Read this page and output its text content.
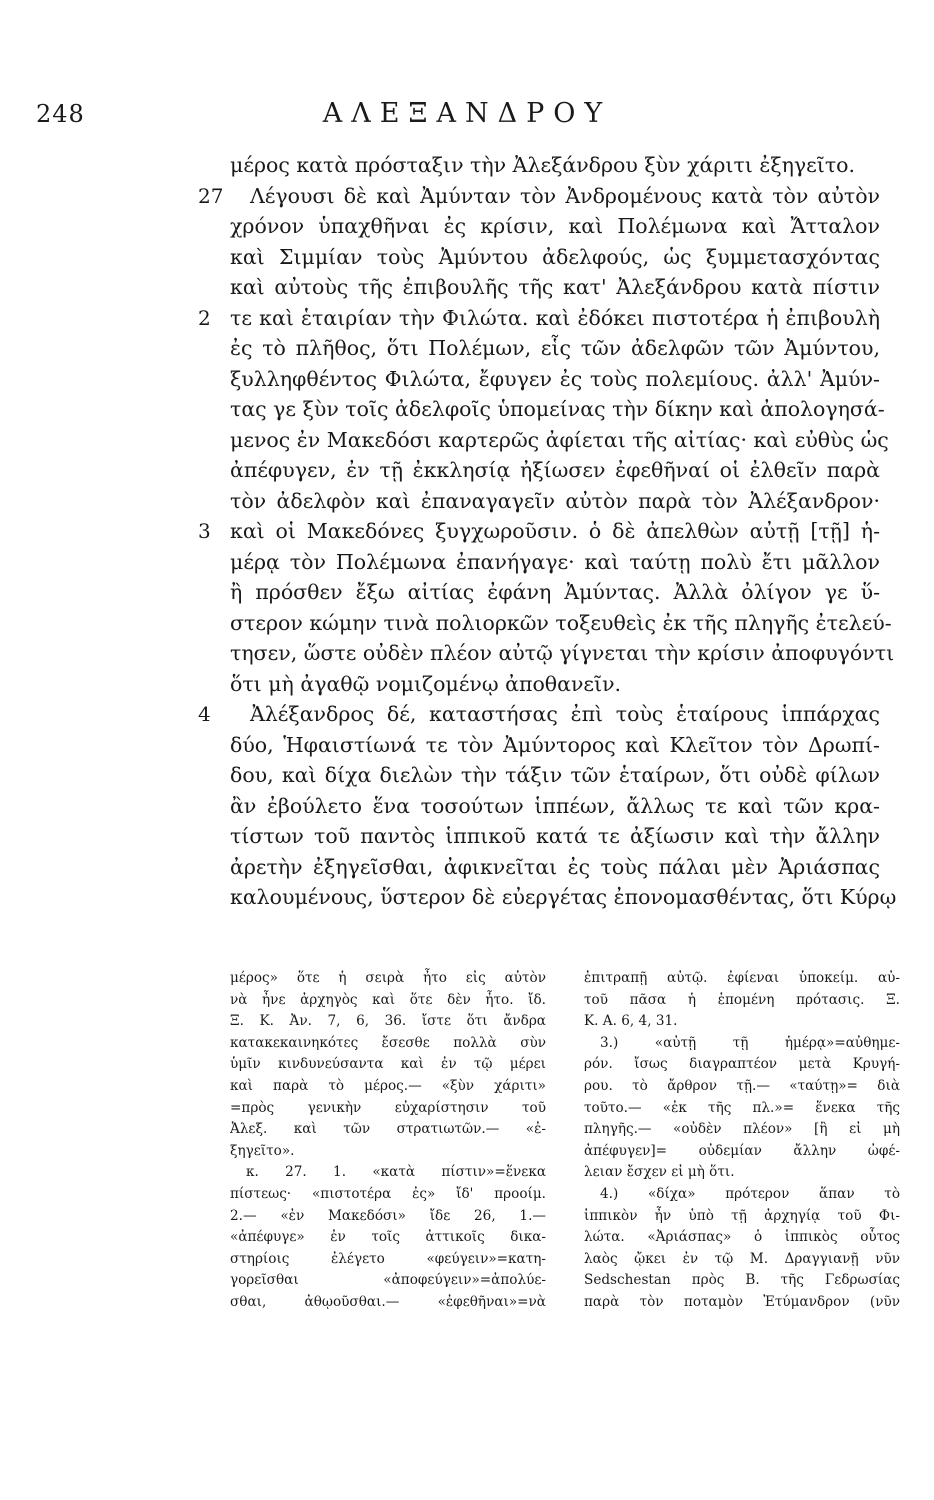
248	ΑΛΕΞΑΝΔΡΟΥ
μέρος κατὰ πρόσταξιν τὴν Ἀλεξάνδρου ξὺν χάριτι ἐξηγεῖτο.
27 Λέγουσι δὲ καὶ Ἀμύνταν τὸν Ἀνδρομένους κατὰ τὸν αὐτὸν
χρόνον ὑπαχθῆναι ἐς κρίσιν, καὶ Πολέμωνα καὶ Ἄτταλον
καὶ Σιμμίαν τοὺς Ἀμύντου ἀδελφούς, ὡς ξυμμετασχόντας
καὶ αὐτοὺς τῆς ἐπιβουλῆς τῆς κατ' Ἀλεξάνδρου κατὰ πίστιν
2 τε καὶ ἑταιρίαν τὴν Φιλώτα. καὶ ἐδόκει πιστοτέρα ἡ ἐπιβουλὴ
ἐς τὸ πλῆθος, ὅτι Πολέμων, εἷς τῶν ἀδελφῶν τῶν Ἀμύντου,
ξυλληφθέντος Φιλώτα, ἔφυγεν ἐς τοὺς πολεμίους. ἀλλ' Ἀμύν-
τας γε ξὺν τοῖς ἀδελφοῖς ὑπομείνας τὴν δίκην καὶ ἀπολογησά-
μενος ἐν Μακεδόσι καρτερῶς ἀφίεται τῆς αἰτίας· καὶ εὐθὺς ὡς
ἀπέφυγεν, ἐν τῇ ἐκκλησίᾳ ἠξίωσεν ἐφεθῆναί οἱ ἐλθεῖν παρὰ
τὸν ἀδελφὸν καὶ ἐπαναγαγεῖν αὐτὸν παρὰ τὸν Ἀλέξανδρον·
3 καὶ οἱ Μακεδόνες ξυγχωροῦσιν. ὁ δὲ ἀπελθὼν αὐτῇ [τῇ] ἡ-
μέρᾳ τὸν Πολέμωνα ἐπανήγαγε· καὶ ταύτῃ πολὺ ἔτι μᾶλλον
ἢ πρόσθεν ἔξω αἰτίας ἐφάνη Ἀμύντας. Ἀλλὰ ὀλίγον γε ὕ-
στερον κώμην τινὰ πολιορκῶν τοξευθεὶς ἐκ τῆς πληγῆς ἐτελεύ-
τησεν, ὥστε οὐδὲν πλέον αὐτῷ γίγνεται τὴν κρίσιν ἀποφυγόντι
ὅτι μὴ ἀγαθῷ νομιζομένῳ ἀποθανεῖν.
4 Ἀλέξανδρος δέ, καταστήσας ἐπὶ τοὺς ἑταίρους ἱππάρχας
δύο, Ἡφαιστίωνά τε τὸν Ἀμύντορος καὶ Κλεῖτον τὸν Δρωπί-
δου, καὶ δίχα διελὼν τὴν τάξιν τῶν ἑταίρων, ὅτι οὐδὲ φίλων
ἂν ἐβούλετο ἕνα τοσούτων ἱππέων, ἄλλως τε καὶ τῶν κρα-
τίστων τοῦ παντὸς ἱππικοῦ κατά τε ἀξίωσιν καὶ τὴν ἄλλην
ἀρετὴν ἐξηγεῖσθαι, ἀφικνεῖται ἐς τοὺς πάλαι μὲν Ἀριάσπας
καλουμένους, ὕστερον δὲ εὐεργέτας ἐπονομασθέντας, ὅτι Κύρῳ
μέρος» ὅτε ἡ σειρὰ ἦτο εἰς αὐτὸν
νὰ ἦνε ἀρχηγὸς καὶ ὅτε δὲν ἦτο. ἴδ.
Ξ. Κ. Ἀν. 7, 6, 36. ἴστε ὅτι ἄνδρα
κατακεκαινηκότες ἔσεσθε πολλὰ σὺν
ὑμῖν κινδυνεύσαντα καὶ ἐν τῷ μέρει
καὶ παρὰ τὸ μέρος.— «ξὺν χάριτι»
=πρὸς γενικὴν εὐχαρίστησιν τοῦ
Ἀλεξ. καὶ τῶν στρατιωτῶν.— «ἐ-
ξηγεῖτο».
κ. 27. 1. «κατὰ πίστιν»=ἕνεκα
πίστεως· «πιστοτέρα ἐς» ἴδ' προοίμ.
2.— «ἐν Μακεδόσι» ἴδε 26, 1.—
«ἀπέφυγε» ἐν τοῖς ἀττικοῖς δικα-
στηρίοις ἐλέγετο «φεύγειν»=κατη-
γορεῖσθαι «ἀποφεύγειν»=ἀπολύε-
σθαι, ἀθῳοῦσθαι.— «ἐφεθῆναι»=νὰ
ἐπιτραπῇ αὐτῷ. ἐφίεναι ὑποκείμ. αὐ-
τοῦ πᾶσα ἡ ἑπομένη πρότασις. Ξ.
Κ. Α. 6, 4, 31.
3.) «αὐτῇ τῇ ἡμέρᾳ»=αὐθημε-
ρόν. ἴσως διαγραπτέον μετὰ Κρυγή-
ρου. τὸ ἄρθρον τῇ.— «ταύτῃ»= διὰ
τοῦτο.— «ἐκ τῆς πλ.»= ἕνεκα τῆς
πληγῆς.— «οὐδὲν πλέον» [ἢ εἰ μὴ
ἀπέφυγεν]= οὐδεμίαν ἄλλην ὠφέ-
λειαν ἔσχεν εἰ μὴ ὅτι.
4.) «δίχα» πρότερον ἅπαν τὸ
ἱππικὸν ἦν ὑπὸ τῇ ἀρχηγίᾳ τοῦ Φι-
λώτα. «Ἀριάσπας» ὁ ἱππικὸς οὗτος
λαὸς ᾤκει ἐν τῷ Μ. Δραγγιανῇ νῦν
Sedschestan πρὸς Β. τῆς Γεδρωσίας
παρὰ τὸν ποταμὸν Ἐτύμανδρον (νῦν
